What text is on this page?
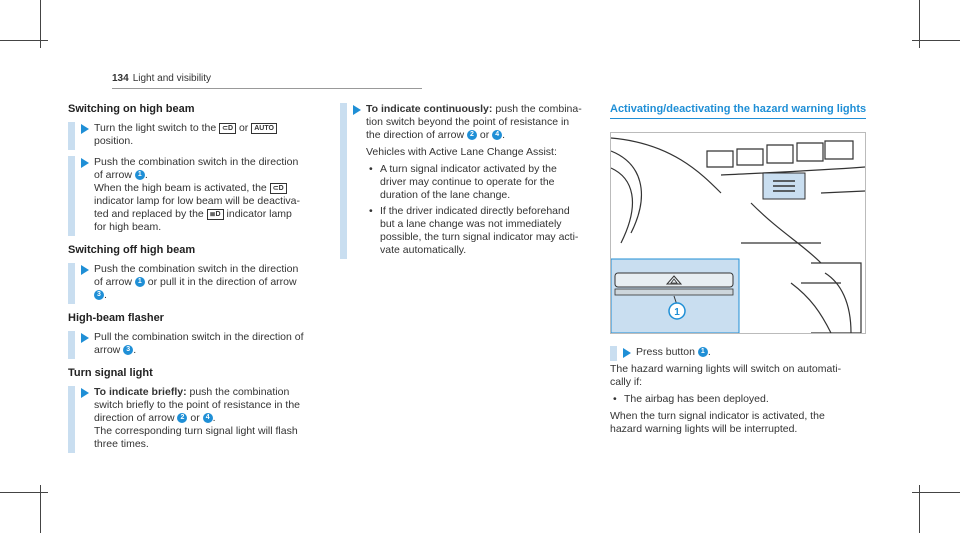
134 Light and visibility
Switching on high beam
Turn the light switch to the ⊂D or AUTO
position.
Push the combination switch in the direction
of arrow 1 .
When the high beam is activated, the ⊂D
indicator lamp for low beam will be deactiva-
ted and replaced by the ≣D indicator lamp
for high beam.
Switching off high beam
Push the combination switch in the direction
of arrow 1 or pull it in the direction of arrow
3 .
High-beam flasher
Pull the combination switch in the direction of
arrow 3 .
Turn signal light
To indicate briefly: push the combination
switch briefly to the point of resistance in the
direction of arrow 2 or 4 .
The corresponding turn signal light will flash
three times.
To indicate continuously: push the combina-
tion switch beyond the point of resistance in
the direction of arrow 2 or 4 .
Vehicles with Active Lane Change Assist:
• A turn signal indicator activated by the
driver may continue to operate for the
duration of the lane change.
• If the driver indicated directly beforehand
but a lane change was not immediately
possible, the turn signal indicator may acti-
vate automatically.
Activating/deactivating the hazard warning lights
1
Press button 1 .
The hazard warning lights will switch on automati-
cally if:
• The airbag has been deployed.
When the turn signal indicator is activated, the
hazard warning lights will be interrupted.
